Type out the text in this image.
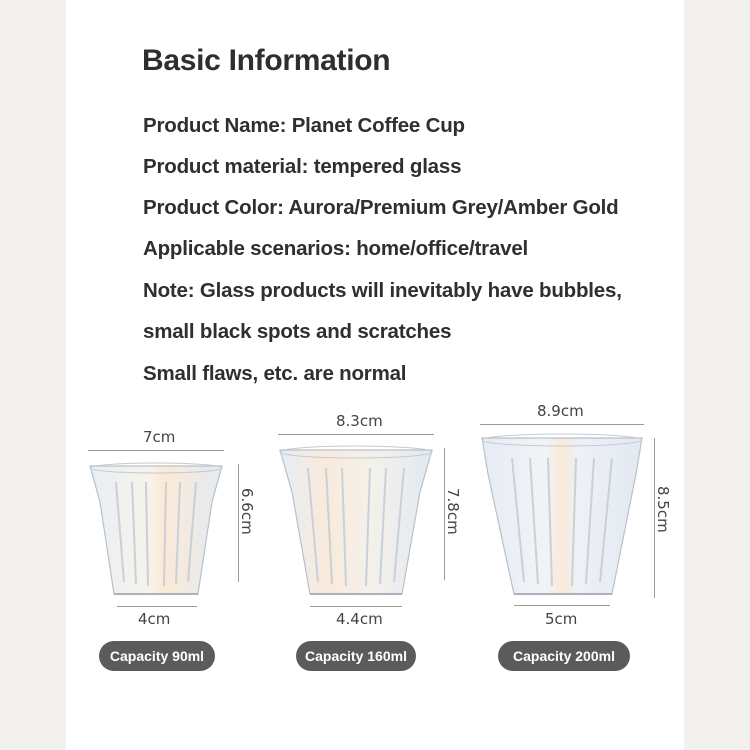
Basic Information
Product Name: Planet Coffee Cup
Product material: tempered glass
Product Color: Aurora/Premium Grey/Amber Gold
Applicable scenarios: home/office/travel
Note: Glass products will inevitably have bubbles,
small black spots and scratches
Small flaws, etc. are normal
7cm
6.6cm
4cm
Capacity 90ml
8.3cm
7.8cm
4.4cm
Capacity 160ml
8.9cm
8.5cm
5cm
Capacity 200ml
